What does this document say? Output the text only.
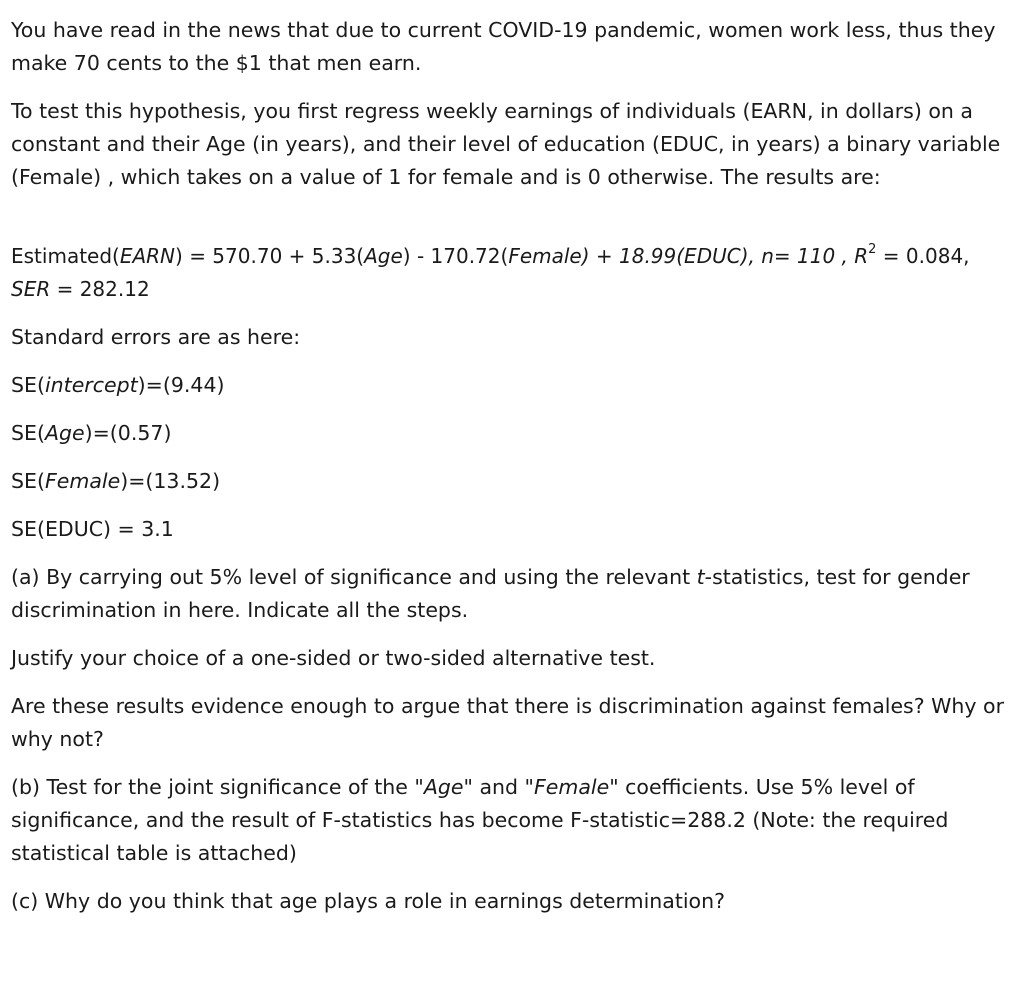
You have read in the news that due to current COVID-19 pandemic, women work less, thus they make 70 cents to the $1 that men earn.

To test this hypothesis, you first regress weekly earnings of individuals (EARN, in dollars) on a constant and their Age (in years), and their level of education (EDUC, in years) a binary variable (Female) , which takes on a value of 1 for female and is 0 otherwise. The results are:

Estimated(EARN) = 570.70 + 5.33(Age) - 170.72(Female) + 18.99(EDUC), n= 110 , $R^2 = 0.084$, SER = 282.12

Standard errors are as here:

SE(intercept)=(9.44)

SE(Age)=(0.57)

SE(Female)=(13.52)

SE(EDUC) = 3.1

(a) By carrying out 5% level of significance and using the relevant t-statistics, test for gender discrimination in here. Indicate all the steps.

Justify your choice of a one-sided or two-sided alternative test.

Are these results evidence enough to argue that there is discrimination against females? Why or why not?

(b) Test for the joint significance of the "Age" and "Female" coefficients. Use 5% level of significance, and the result of F-statistics has become F-statistic=288.2 (Note: the required statistical table is attached)

(c) Why do you think that age plays a role in earnings determination?
